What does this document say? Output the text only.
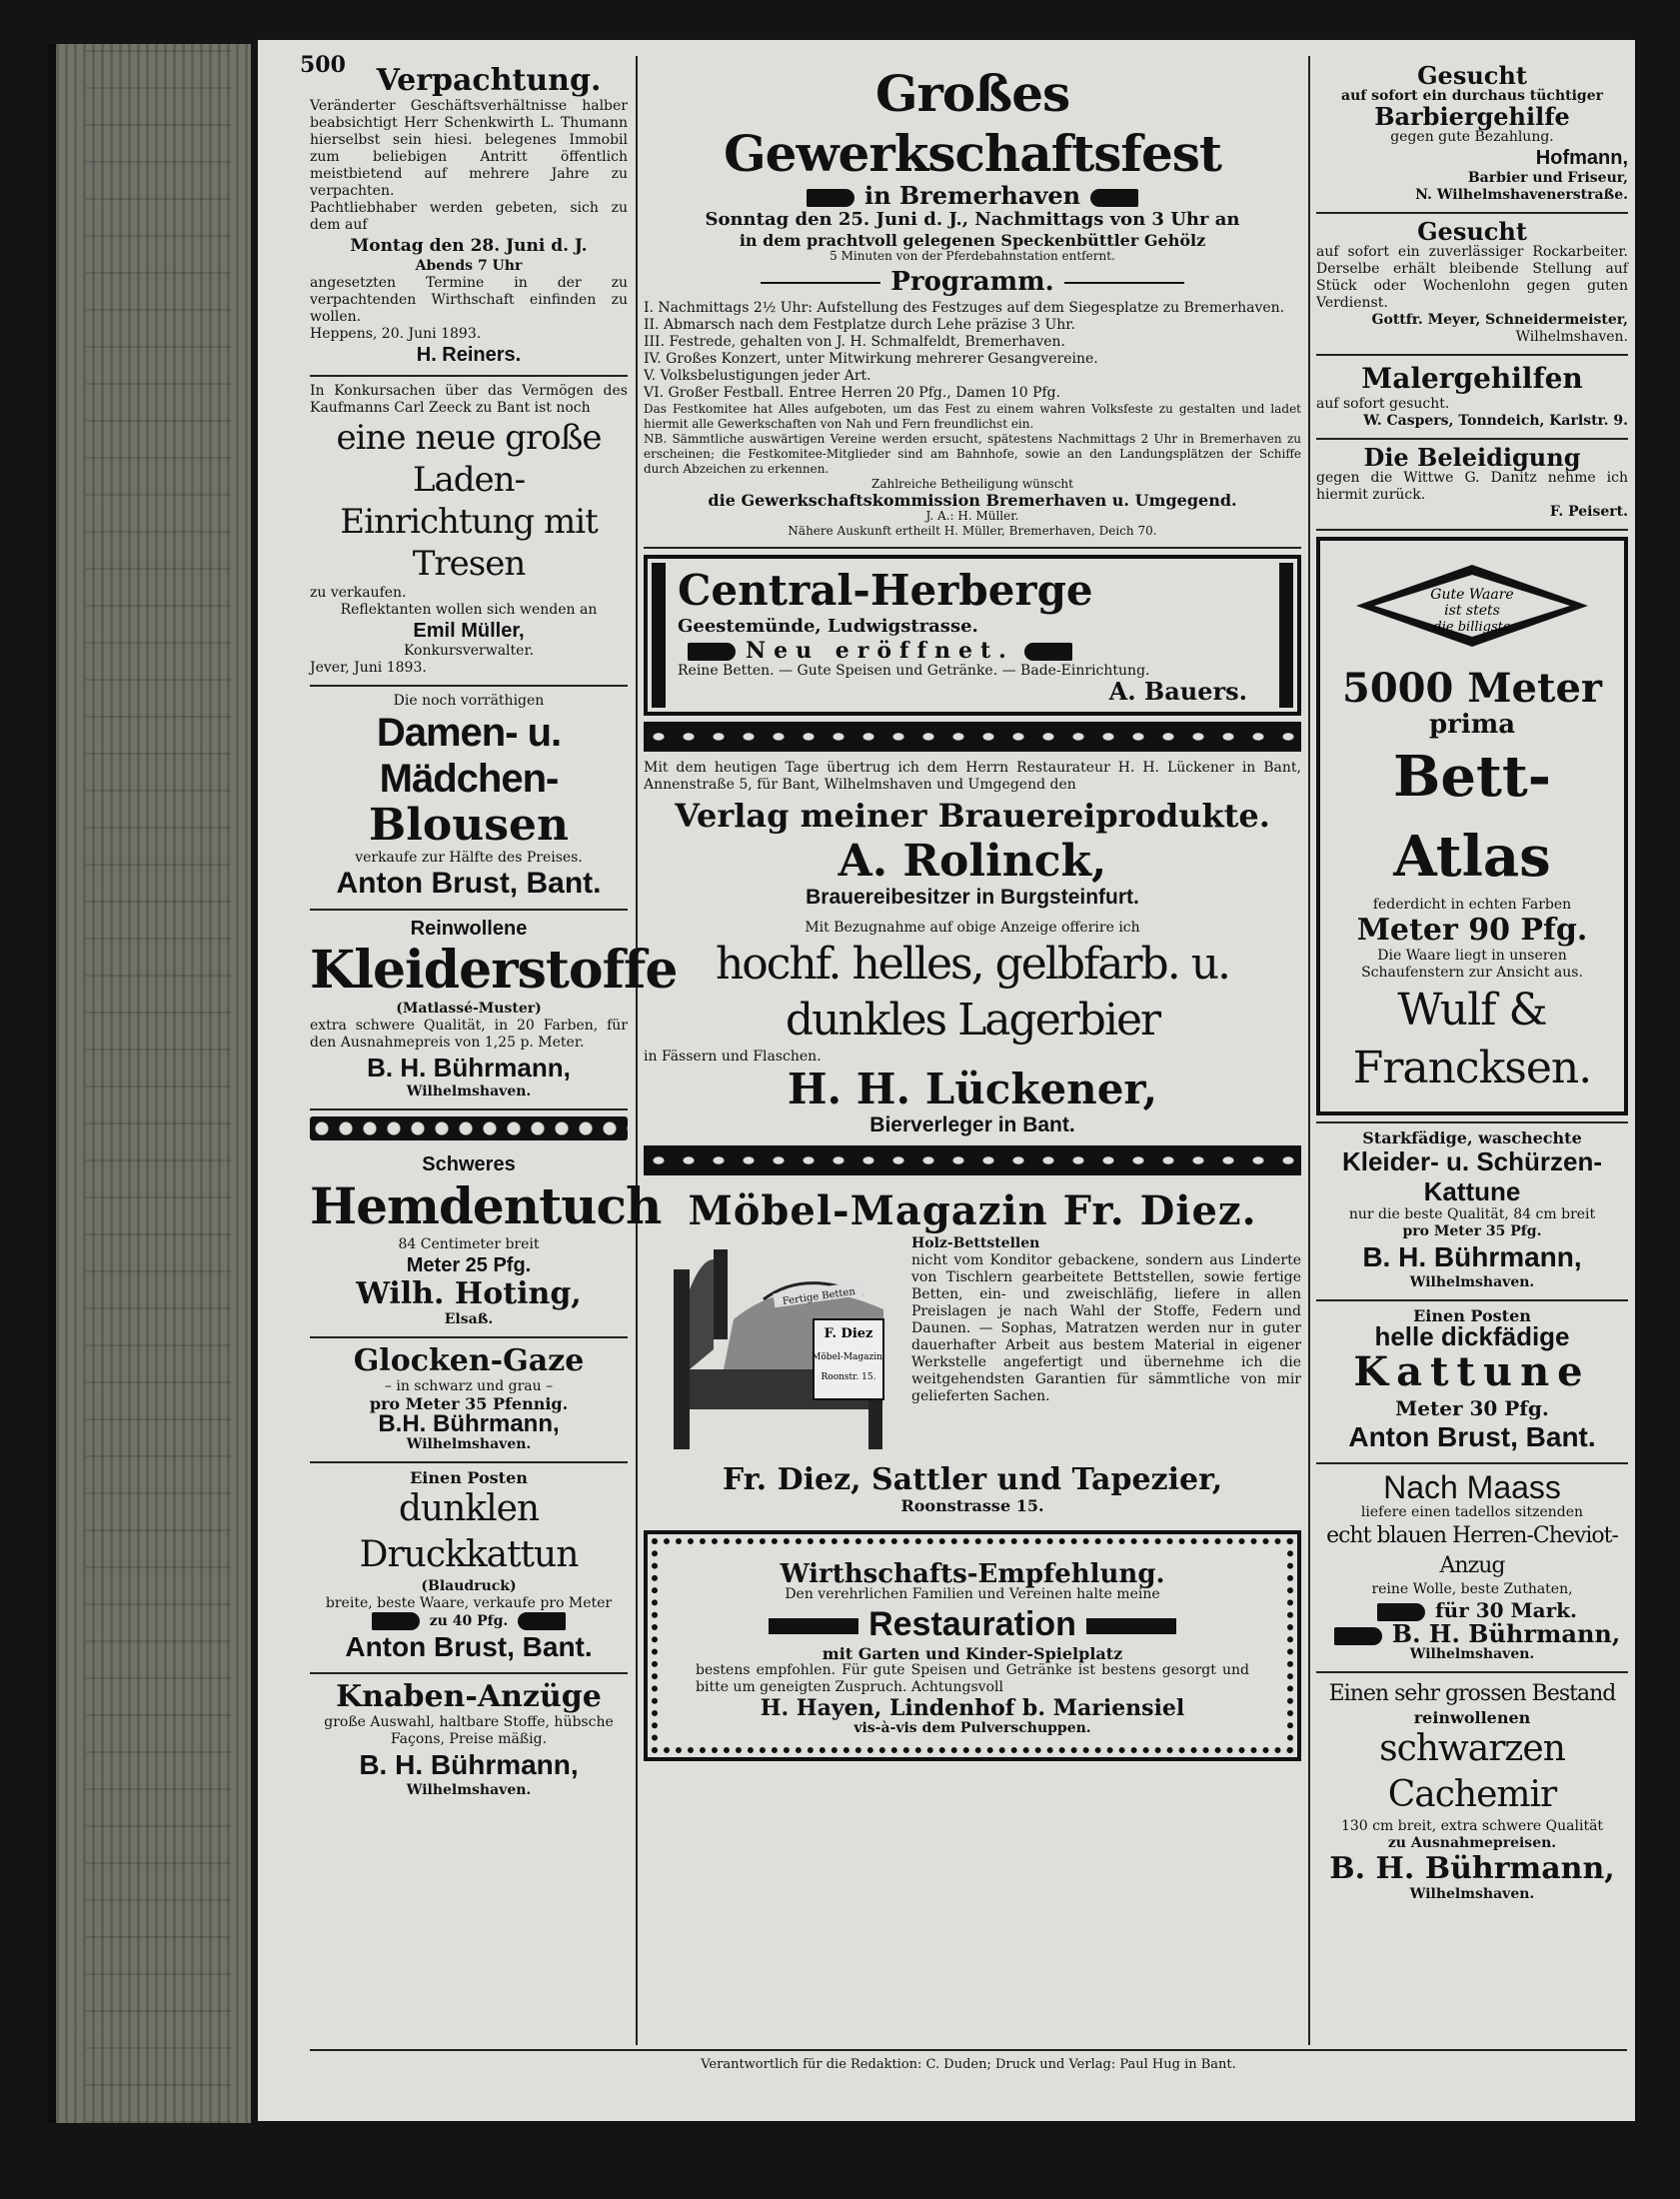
500	Verpachtung.
Veränderter Geschäftsverhältnisse halber beabsichtigt Herr Schenkwirth L. Thumann hierselbst sein hiesi. belegenes Immobil zum beliebigen Antritt öffentlich meistbietend auf mehrere Jahre zu verpachten.
Pachtliebhaber werden gebeten, sich zu dem auf
Montag den 28. Juni d. J.
Abends 7 Uhr
angesetzten Termine in der zu verpachtenden Wirthschaft einfinden zu wollen.
Heppens, 20. Juni 1893.
H. Reiners.
In Konkursachen über das Vermögen des Kaufmanns Carl Zeeck zu Bant ist noch
eine neue große Laden- Einrichtung mit Tresen
zu verkaufen.
Reflektanten wollen sich wenden an
Emil Müller,
Konkursverwalter.
Jever, Juni 1893.
Die noch vorräthigen
Damen- u. Mädchen-
Blousen
verkaufe zur Hälfte des Preises.
Anton Brust, Bant.
Reinwollene
Kleiderstoffe
(Matlassé-Muster)
extra schwere Qualität, in 20 Farben, für den Ausnahmepreis von 1,25 p. Meter.
B. H. Bührmann,
Wilhelmshaven.
Schweres
Hemdentuch
84 Centimeter breit
Meter 25 Pfg.
Wilh. Hoting,
Elsaß.
Glocken-Gaze
– in schwarz und grau –
pro Meter 35 Pfennig.
B.H. Bührmann,
Wilhelmshaven.
Einen Posten
dunklen Druckkattun
(Blaudruck)
breite, beste Waare, verkaufe pro Meter
zu 40 Pfg.
Anton Brust, Bant.
Knaben-Anzüge
große Auswahl, haltbare Stoffe, hübsche Façons, Preise mäßig.
B. H. Bührmann,
Wilhelmshaven.
Großes Gewerkschaftsfest
in Bremerhaven
Sonntag den 25. Juni d. J., Nachmittags von 3 Uhr an
in dem prachtvoll gelegenen Speckenbüttler Gehölz
5 Minuten von der Pferdebahnstation entfernt.
Programm.
I. Nachmittags 2½ Uhr: Aufstellung des Festzuges auf dem Siegesplatze zu Bremerhaven.
II. Abmarsch nach dem Festplatze durch Lehe präzise 3 Uhr.
III. Festrede, gehalten von J. H. Schmalfeldt, Bremerhaven.
IV. Großes Konzert, unter Mitwirkung mehrerer Gesangvereine.
V. Volksbelustigungen jeder Art.
VI. Großer Festball. Entree Herren 20 Pfg., Damen 10 Pfg.
Das Festkomitee hat Alles aufgeboten, um das Fest zu einem wahren Volksfeste zu gestalten und ladet hiermit alle Gewerkschaften von Nah und Fern freundlichst ein.
NB. Sämmtliche auswärtigen Vereine werden ersucht, spätestens Nachmittags 2 Uhr in Bremerhaven zu erscheinen; die Festkomitee-Mitglieder sind am Bahnhofe, sowie an den Landungsplätzen der Schiffe durch Abzeichen zu erkennen.
Zahlreiche Betheiligung wünscht
die Gewerkschaftskommission Bremerhaven u. Umgegend.
J. A.: H. Müller.
Nähere Auskunft ertheilt H. Müller, Bremerhaven, Deich 70.
Central-Herberge
Geestemünde, Ludwigstrasse.
Neu eröffnet.
Reine Betten. — Gute Speisen und Getränke. — Bade-Einrichtung.
A. Bauers.
Mit dem heutigen Tage übertrug ich dem Herrn Restaurateur H. H. Lückener in Bant, Annenstraße 5, für Bant, Wilhelmshaven und Umgegend den
Verlag meiner Brauereiprodukte.
A. Rolinck,
Brauereibesitzer in Burgsteinfurt.
Mit Bezugnahme auf obige Anzeige offerire ich
hochf. helles, gelbfarb. u. dunkles Lagerbier
in Fässern und Flaschen.
H. H. Lückener,
Bierverleger in Bant.
Möbel-Magazin Fr. Diez.
Fertige Betten
F. Diez
Möbel-Magazin,
Roonstr. 15.
Holz-Bettstellen
nicht vom Konditor gebackene, sondern aus Linderte von Tischlern gearbeitete Bettstellen, sowie fertige Betten, ein- und zweischläfig, liefere in allen Preislagen je nach Wahl der Stoffe, Federn und Daunen. — Sophas, Matratzen werden nur in guter dauerhafter Arbeit aus bestem Material in eigener Werkstelle angefertigt und übernehme ich die weitgehendsten Garantien für sämmtliche von mir gelieferten Sachen.
Fr. Diez, Sattler und Tapezier,
Roonstrasse 15.
Wirthschafts-Empfehlung.
Den verehrlichen Familien und Vereinen halte meine
Restauration
mit Garten und Kinder-Spielplatz
bestens empfohlen. Für gute Speisen und Getränke ist bestens gesorgt und bitte um geneigten Zuspruch. Achtungsvoll
H. Hayen, Lindenhof b. Mariensiel
vis-à-vis dem Pulverschuppen.
Gesucht
auf sofort ein durchaus tüchtiger
Barbiergehilfe
gegen gute Bezahlung.
Hofmann,
Barbier und Friseur,
N. Wilhelmshavenerstraße.
Gesucht
auf sofort ein zuverlässiger Rockarbeiter. Derselbe erhält bleibende Stellung auf Stück oder Wochenlohn gegen guten Verdienst.
Gottfr. Meyer, Schneidermeister,
Wilhelmshaven.
Malergehilfen
auf sofort gesucht.
W. Caspers, Tonndeich, Karlstr. 9.
Die Beleidigung
gegen die Wittwe G. Danitz nehme ich hiermit zurück.
F. Peisert.
Gute Waare
ist stets
die billigste
5000 Meter
prima
Bett-Atlas
federdicht in echten Farben
Meter 90 Pfg.
Die Waare liegt in unseren Schaufenstern zur Ansicht aus.
Wulf & Francksen.
Starkfädige, waschechte
Kleider- u. Schürzen-
Kattune
nur die beste Qualität, 84 cm breit
pro Meter 35 Pfg.
B. H. Bührmann,
Wilhelmshaven.
Einen Posten
helle dickfädige
Kattune
Meter 30 Pfg.
Anton Brust, Bant.
Nach Maass
liefere einen tadellos sitzenden
echt blauen Herren-Cheviot-Anzug
reine Wolle, beste Zuthaten,
für 30 Mark.
B. H. Bührmann,
Wilhelmshaven.
Einen sehr grossen Bestand
reinwollenen
schwarzen Cachemir
130 cm breit, extra schwere Qualität
zu Ausnahmepreisen.
B. H. Bührmann,
Wilhelmshaven.
Verantwortlich für die Redaktion: C. Duden; Druck und Verlag: Paul Hug in Bant.
